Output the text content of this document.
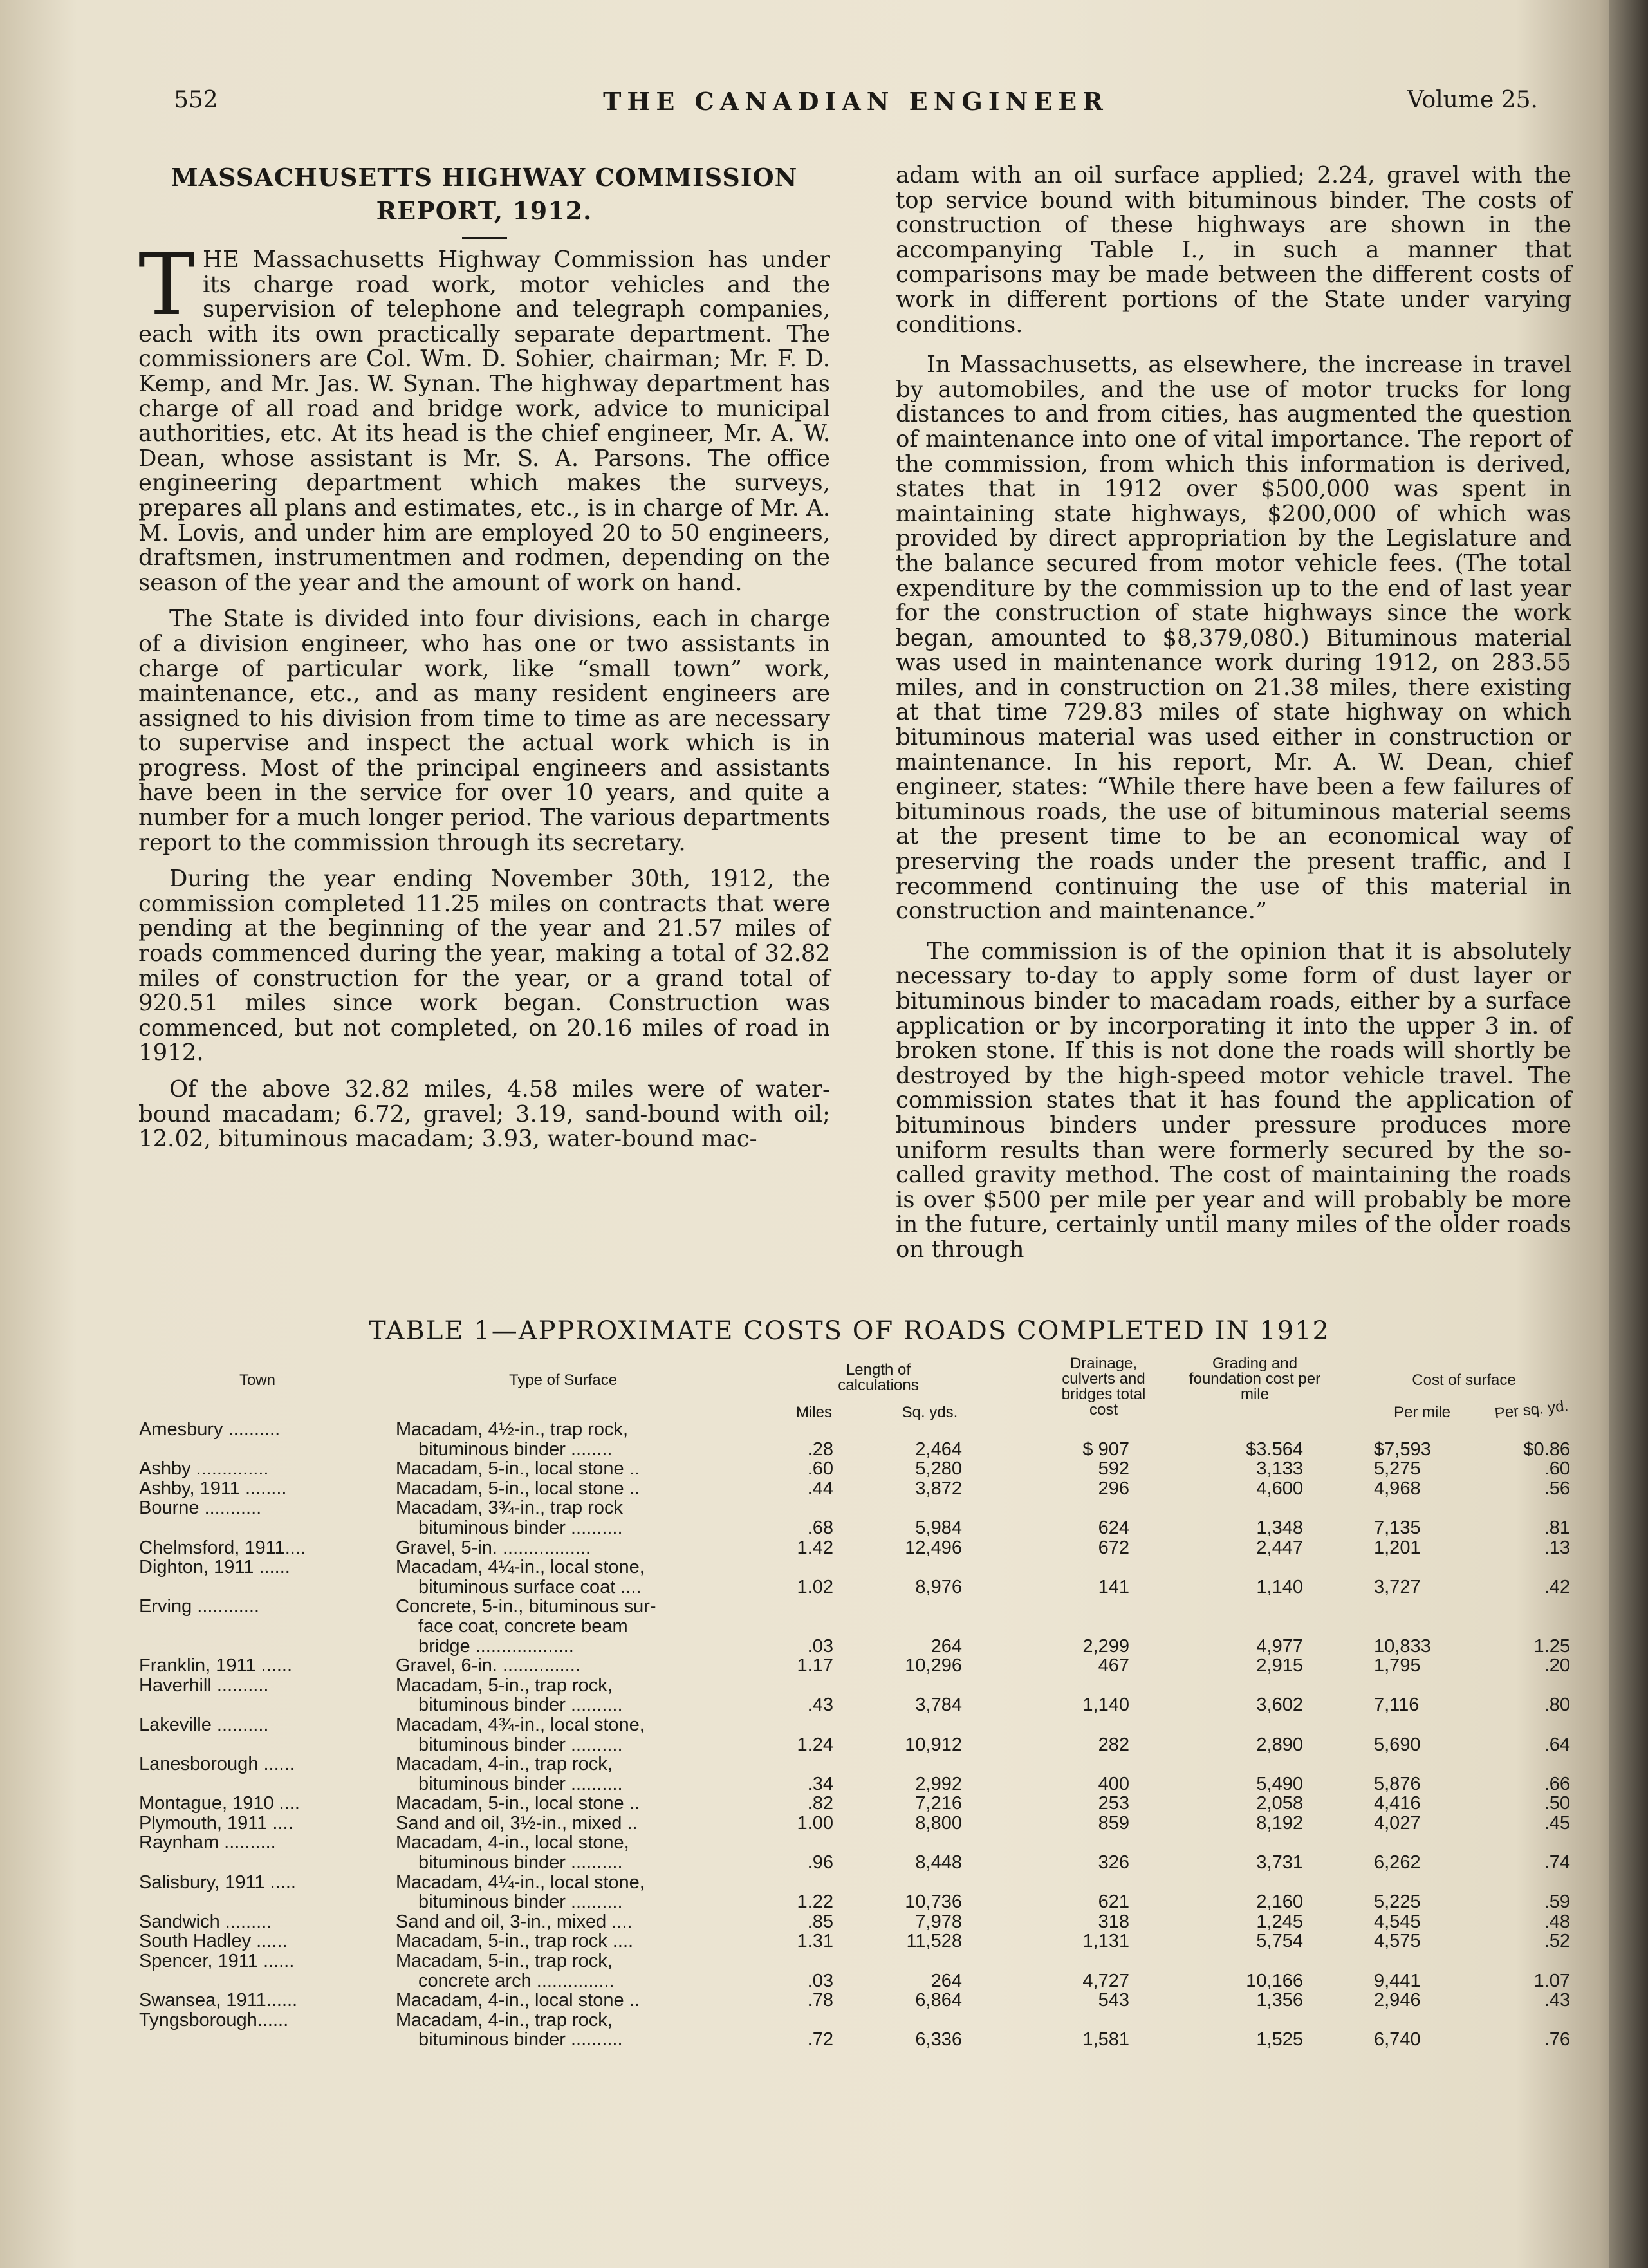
552	THE CANADIAN ENGINEER	Volume 25.

MASSACHUSETTS HIGHWAY COMMISSION

REPORT, 1912.

THE Massachusetts Highway Commission has under its charge road work, motor vehicles and the supervision of telephone and telegraph companies, each with its own practically separate department. The commissioners are Col. Wm. D. Sohier, chairman; Mr. F. D. Kemp, and Mr. Jas. W. Synan. The highway department has charge of all road and bridge work, advice to municipal authorities, etc. At its head is the chief engineer, Mr. A. W. Dean, whose assistant is Mr. S. A. Parsons. The office engineering department which makes the surveys, prepares all plans and estimates, etc., is in charge of Mr. A. M. Lovis, and under him are employed 20 to 50 engineers, draftsmen, instrumentmen and rodmen, depending on the season of the year and the amount of work on hand.

The State is divided into four divisions, each in charge of a division engineer, who has one or two assistants in charge of particular work, like “small town” work, maintenance, etc., and as many resident engineers are assigned to his division from time to time as are necessary to supervise and inspect the actual work which is in progress. Most of the principal engineers and assistants have been in the service for over 10 years, and quite a number for a much longer period. The various departments report to the commission through its secretary.

During the year ending November 30th, 1912, the commission completed 11.25 miles on contracts that were pending at the beginning of the year and 21.57 miles of roads commenced during the year, making a total of 32.82 miles of construction for the year, or a grand total of 920.51 miles since work began. Construction was commenced, but not completed, on 20.16 miles of road in 1912.

Of the above 32.82 miles, 4.58 miles were of water-bound macadam; 6.72, gravel; 3.19, sand-bound with oil; 12.02, bituminous macadam; 3.93, water-bound mac-

adam with an oil surface applied; 2.24, gravel with the top service bound with bituminous binder. The costs of construction of these highways are shown in the accompanying Table I., in such a manner that comparisons may be made between the different costs of work in different portions of the State under varying conditions.

In Massachusetts, as elsewhere, the increase in travel by automobiles, and the use of motor trucks for long distances to and from cities, has augmented the question of maintenance into one of vital importance. The report of the commission, from which this information is derived, states that in 1912 over $500,000 was spent in maintaining state highways, $200,000 of which was provided by direct appropriation by the Legislature and the balance secured from motor vehicle fees. (The total expenditure by the commission up to the end of last year for the construction of state highways since the work began, amounted to $8,379,080.) Bituminous material was used in maintenance work during 1912, on 283.55 miles, and in construction on 21.38 miles, there existing at that time 729.83 miles of state highway on which bituminous material was used either in construction or maintenance. In his report, Mr. A. W. Dean, chief engineer, states: “While there have been a few failures of bituminous roads, the use of bituminous material seems at the present time to be an economical way of preserving the roads under the present traffic, and I recommend continuing the use of this material in construction and maintenance.”

The commission is of the opinion that it is absolutely necessary to-day to apply some form of dust layer or bituminous binder to macadam roads, either by a surface application or by incorporating it into the upper 3 in. of broken stone. If this is not done the roads will shortly be destroyed by the high-speed motor vehicle travel. The commission states that it has found the application of bituminous binders under pressure produces more uniform results than were formerly secured by the so-called gravity method. The cost of maintaining the roads is over $500 per mile per year and will probably be more in the future, certainly until many miles of the older roads on through

TABLE 1—APPROXIMATE COSTS OF ROADS COMPLETED IN 1912
Town	Type of Surface
Length of calculations
Miles	Sq. yds.
Drainage, culverts and bridges total cost
Grading and foundation cost per mile
Cost of surface
Per mile	Per sq. yd.
Amesbury ..........	Macadam, 4½-in., trap rock,
bituminous binder ........	.28	2,464	$ 907	$3.564	$7,593	$0.86
Ashby ..............	Macadam, 5-in., local stone ..	.60	5,280	592	3,133	5,275	.60
Ashby, 1911 ........	Macadam, 5-in., local stone ..	.44	3,872	296	4,600	4,968	.56
Bourne ...........	Macadam, 3¾-in., trap rock
bituminous binder ..........	.68	5,984	624	1,348	7,135	.81
Chelmsford, 1911....	Gravel, 5-in. .................	1.42	12,496	672	2,447	1,201	.13
Dighton, 1911 ......	Macadam, 4¼-in., local stone,
bituminous surface coat ....	1.02	8,976	141	1,140	3,727	.42
Erving ............	Concrete, 5-in., bituminous sur-
face coat, concrete beam
bridge ...................	.03	264	2,299	4,977	10,833	1.25
Franklin, 1911 ......	Gravel, 6-in. ...............	1.17	10,296	467	2,915	1,795	.20
Haverhill ..........	Macadam, 5-in., trap rock,
bituminous binder ..........	.43	3,784	1,140	3,602	7,116	.80
Lakeville ..........	Macadam, 4¾-in., local stone,
bituminous binder ..........	1.24	10,912	282	2,890	5,690	.64
Lanesborough ......	Macadam, 4-in., trap rock,
bituminous binder ..........	.34	2,992	400	5,490	5,876	.66
Montague, 1910 ....	Macadam, 5-in., local stone ..	.82	7,216	253	2,058	4,416	.50
Plymouth, 1911 ....	Sand and oil, 3½-in., mixed ..	1.00	8,800	859	8,192	4,027	.45
Raynham ..........	Macadam, 4-in., local stone,
bituminous binder ..........	.96	8,448	326	3,731	6,262	.74
Salisbury, 1911 .....	Macadam, 4¼-in., local stone,
bituminous binder ..........	1.22	10,736	621	2,160	5,225	.59
Sandwich .........	Sand and oil, 3-in., mixed ....	.85	7,978	318	1,245	4,545	.48
South Hadley ......	Macadam, 5-in., trap rock ....	1.31	11,528	1,131	5,754	4,575	.52
Spencer, 1911 ......	Macadam, 5-in., trap rock,
concrete arch ...............	.03	264	4,727	10,166	9,441	1.07
Swansea, 1911......	Macadam, 4-in., local stone ..	.78	6,864	543	1,356	2,946	.43
Tyngsborough......	Macadam, 4-in., trap rock,
bituminous binder ..........	.72	6,336	1,581	1,525	6,740	.76
